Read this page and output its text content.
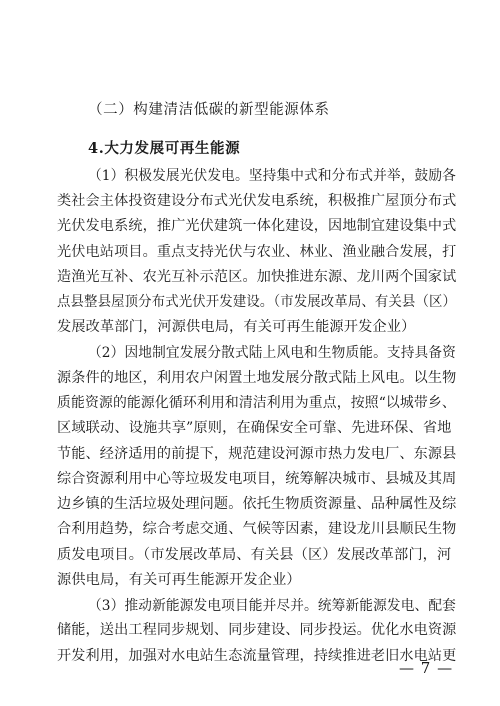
（二）构建清洁低碳的新型能源体系
4.大力发展可再生能源
（1）积极发展光伏发电。坚持集中式和分布式并举，鼓励各
类社会主体投资建设分布式光伏发电系统，积极推广屋顶分布式
光伏发电系统，推广光伏建筑一体化建设，因地制宜建设集中式
光伏电站项目。重点支持光伏与农业、林业、渔业融合发展，打
造渔光互补、农光互补示范区。加快推进东源、龙川两个国家试
点县整县屋顶分布式光伏开发建设。（市发展改革局、有关县（区）
发展改革部门，河源供电局，有关可再生能源开发企业）
（2）因地制宜发展分散式陆上风电和生物质能。支持具备资
源条件的地区，利用农户闲置土地发展分散式陆上风电。以生物
质能资源的能源化循环利用和清洁利用为重点，按照“以城带乡、
区域联动、设施共享”原则，在确保安全可靠、先进环保、省地
节能、经济适用的前提下，规范建设河源市热力发电厂、东源县
综合资源利用中心等垃圾发电项目，统筹解决城市、县城及其周
边乡镇的生活垃圾处理问题。依托生物质资源量、品种属性及综
合利用趋势，综合考虑交通、气候等因素，建设龙川县顺民生物
质发电项目。（市发展改革局、有关县（区）发展改革部门，河
源供电局，有关可再生能源开发企业）
（3）推动新能源发电项目能并尽并。统筹新能源发电、配套
储能，送出工程同步规划、同步建设、同步投运。优化水电资源
开发利用，加强对水电站生态流量管理，持续推进老旧水电站更
— 7 —
